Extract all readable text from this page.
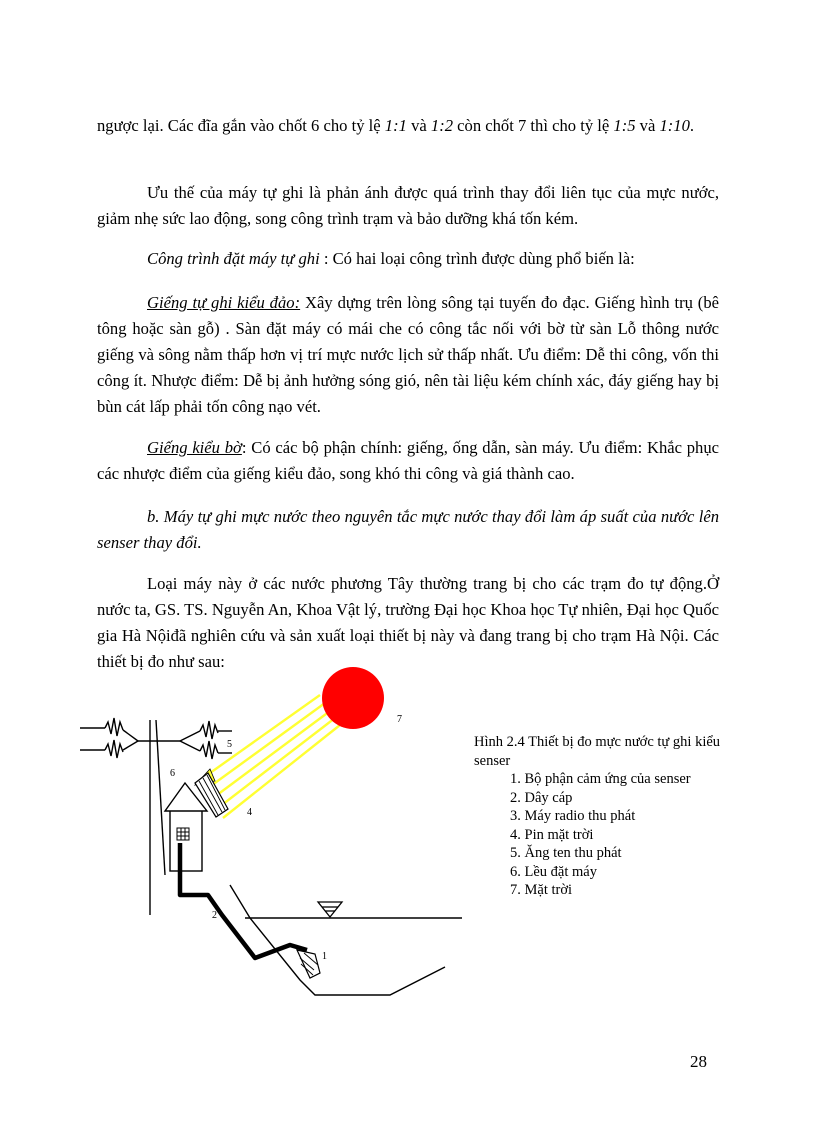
ngược lại. Các đĩa gắn vào chốt 6 cho tỷ lệ 1:1 và 1:2 còn chốt 7 thì cho tỷ lệ 1:5 và 1:10.

Ưu thế của máy tự ghi là phản ánh được quá trình thay đổi liên tục của mực nước, giảm nhẹ sức lao động, song công trình trạm và bảo dưỡng khá tốn kém.

Công trình đặt máy tự ghi : Có hai loại công trình được dùng phổ biến là:

Giếng tự ghi kiểu đảo: Xây dựng trên lòng sông tại tuyến đo đạc. Giếng hình trụ (bê tông hoặc sàn gỗ) . Sàn đặt máy có mái che có công tắc nối với bờ từ sàn Lỗ thông nước giếng và sông nằm thấp hơn vị trí mực nước lịch sử thấp nhất. Ưu điểm: Dễ thi công, vốn thi công ít. Nhược điểm: Dễ bị ảnh hưởng sóng gió, nên tài liệu kém chính xác, đáy giếng hay bị bùn cát lấp phải tốn công nạo vét.

Giếng kiểu bờ: Có các bộ phận chính: giếng, ống dẫn, sàn máy. Ưu điểm: Khắc phục các nhược điểm của giếng kiểu đảo, song khó thi công và giá thành cao.

b. Máy tự ghi mực nước theo nguyên tắc mực nước thay đổi làm áp suất của nước lên senser thay đổi.

Loại máy này ở các nước phương Tây thường trang bị cho các trạm đo tự động.Ở nước ta, GS. TS. Nguyễn An, Khoa Vật lý, trường Đại học Khoa học Tự nhiên, Đại học Quốc gia Hà Nộiđã nghiên cứu và sản xuất loại thiết bị này và đang trang bị cho trạm Hà Nội. Các thiết bị đo như sau:

7
5
6
4
2
1
Hình 2.4 Thiết bị đo mực nước tự ghi kiểu senser
1. Bộ phận cảm ứng của senser
2. Dây cáp
3. Máy radio thu phát
4. Pin mặt trời
5. Ăng ten thu phát
6. Lều đặt máy
7. Mặt trời
28
